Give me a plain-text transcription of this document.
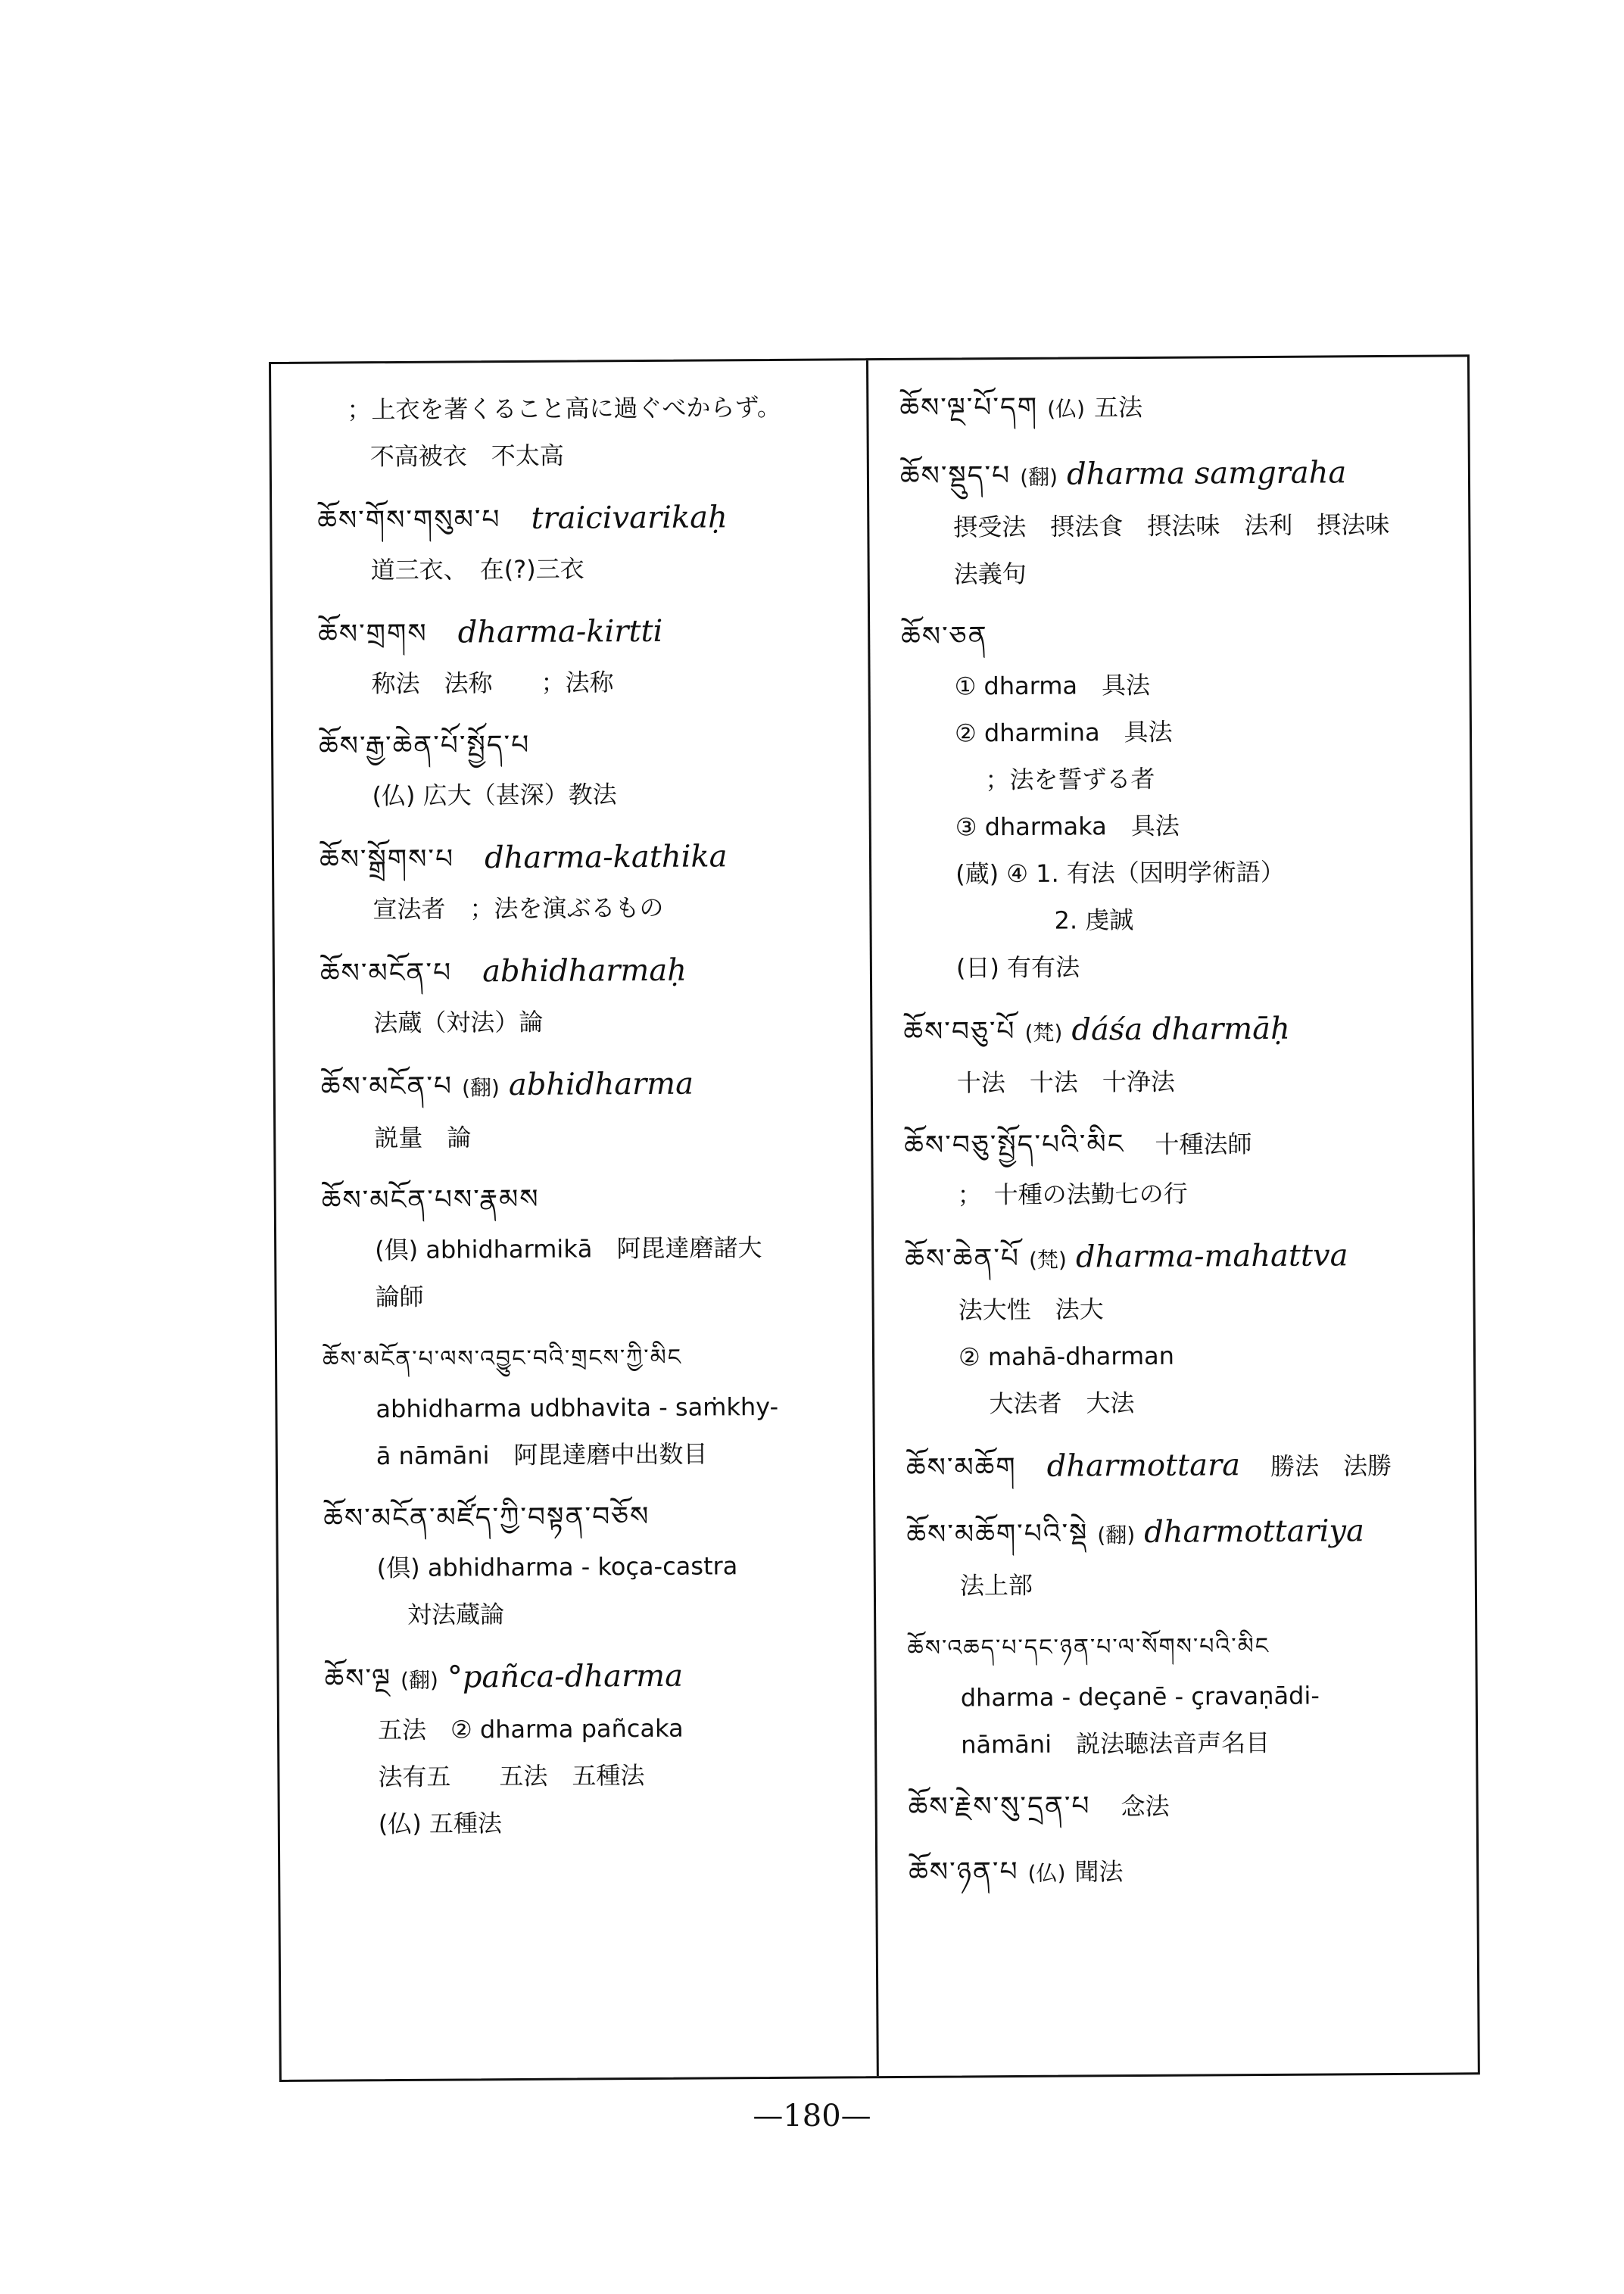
；上衣を著くること高に過ぐべからず。
不高被衣　不太高
ཆོས་གོས་གསུམ་པ traicivarikaḥ
道三衣、　在(?)三衣
ཆོས་གྲགས dharma-kirtti
称法　法称　　；法称
ཆོས་རྒྱ་ཆེན་པོ་སྤྱོད་པ
(仏) 広大（甚深）教法
ཆོས་སྒྲོགས་པ dharma-kathika
宣法者　；法を演ぶるもの
ཆོས་མངོན་པ abhidharmaḥ
法蔵（対法）論
ཆོས་མངོན་པ (翻) abhidharma
説量　論
ཆོས་མངོན་པས་རྣམས
(倶) abhidharmikā　阿毘達磨諸大
論師
ཆོས་མངོན་པ་ལས་འབྱུང་བའི་གྲངས་ཀྱི་མིང
abhidharma udbhavita - saṁkhy-
ā nāmāni　阿毘達磨中出数目
ཆོས་མངོན་མཛོད་ཀྱི་བསྟན་བཅོས
(倶) abhidharma - koça-castra
対法蔵論
ཆོས་ལྔ (翻) °pañca-dharma
五法　② dharma pañcaka
法有五　　五法　五種法
(仏) 五種法
ཆོས་ལྔ་པོ་དག (仏) 五法
ཆོས་སྡུད་པ (翻) dharma samgraha
摂受法　摂法食　摂法味　法利　摂法味
法義句
ཆོས་ཅན
① dharma　具法
② dharmina　具法
；法を誓ずる者
③ dharmaka　具法
(蔵) ④ 1. 有法（因明学術語）
2. 虔誠
(日) 有有法
ཆོས་བཅུ་པོ (梵) dáśa dharmāḥ
十法　十法　十浄法
ཆོས་བཅུ་སྤྱོད་པའི་མིང 十種法師
；　十種の法勤七の行
ཆོས་ཆེན་པོ (梵) dharma-mahattva
法大性　法大
② mahā-dharman
大法者　大法
ཆོས་མཆོག dharmottara 勝法　法勝
ཆོས་མཆོག་པའི་སྡེ (翻) dharmottariya
法上部
ཆོས་འཆད་པ་དང་ཉན་པ་ལ་སོགས་པའི་མིང
dharma - deçanē - çravaṇādi-
nāmāni　説法聴法音声名目
ཆོས་རྗེས་སུ་དྲན་པ 念法
ཆོས་ཉན་པ (仏) 聞法
—180—
